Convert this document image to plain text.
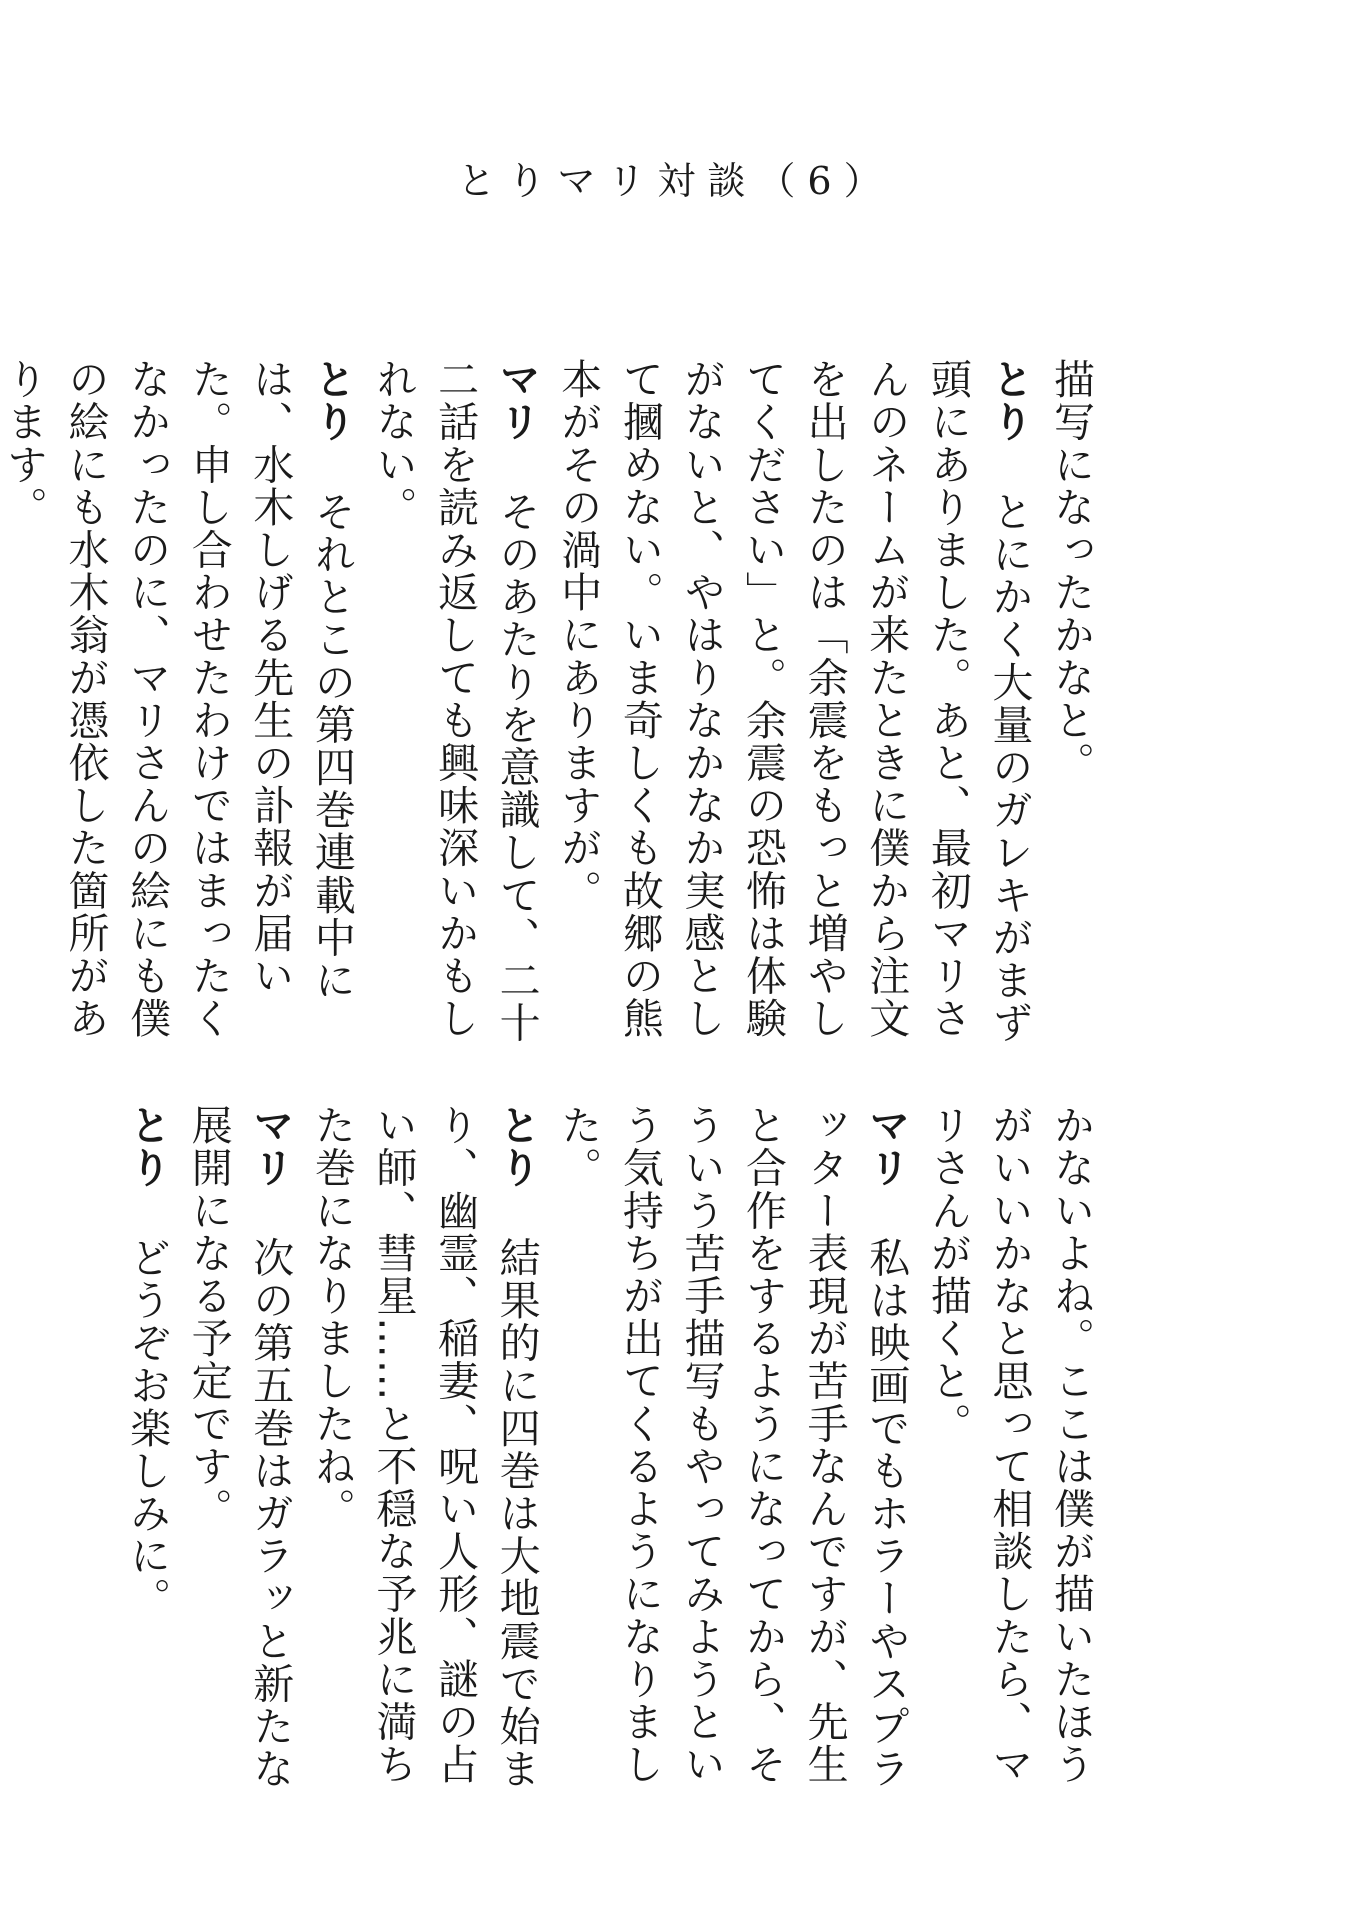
とりマリ対談（6）

描写になったかなと。

とりとにかく大量のガレキがまず頭にありました。あと、最初マリさんのネームが来たときに僕から注文を出したのは「余震をもっと増やしてください」と。余震の恐怖は体験がないと、やはりなかなか実感として摑めない。いま奇しくも故郷の熊本がその渦中にありますが。

マリそのあたりを意識して、二十二話を読み返しても興味深いかもしれない。

とりそれとこの第四巻連載中には、水木しげる先生の訃報が届いた。申し合わせたわけではまったくなかったのに、マリさんの絵にも僕の絵にも水木翁が憑依した箇所があります。

かないよね。ここは僕が描いたほうがいいかなと思って相談したら、マリさんが描くと。

マリ私は映画でもホラーやスプラッター表現が苦手なんですが、先生と合作をするようになってから、そういう苦手描写もやってみようという気持ちが出てくるようになりました。

とり結果的に四巻は大地震で始まり、幽霊、稲妻、呪い人形、謎の占い師、彗星……と不穏な予兆に満ちた巻になりましたね。

マリ次の第五巻はガラッと新たな展開になる予定です。

とりどうぞお楽しみに。
